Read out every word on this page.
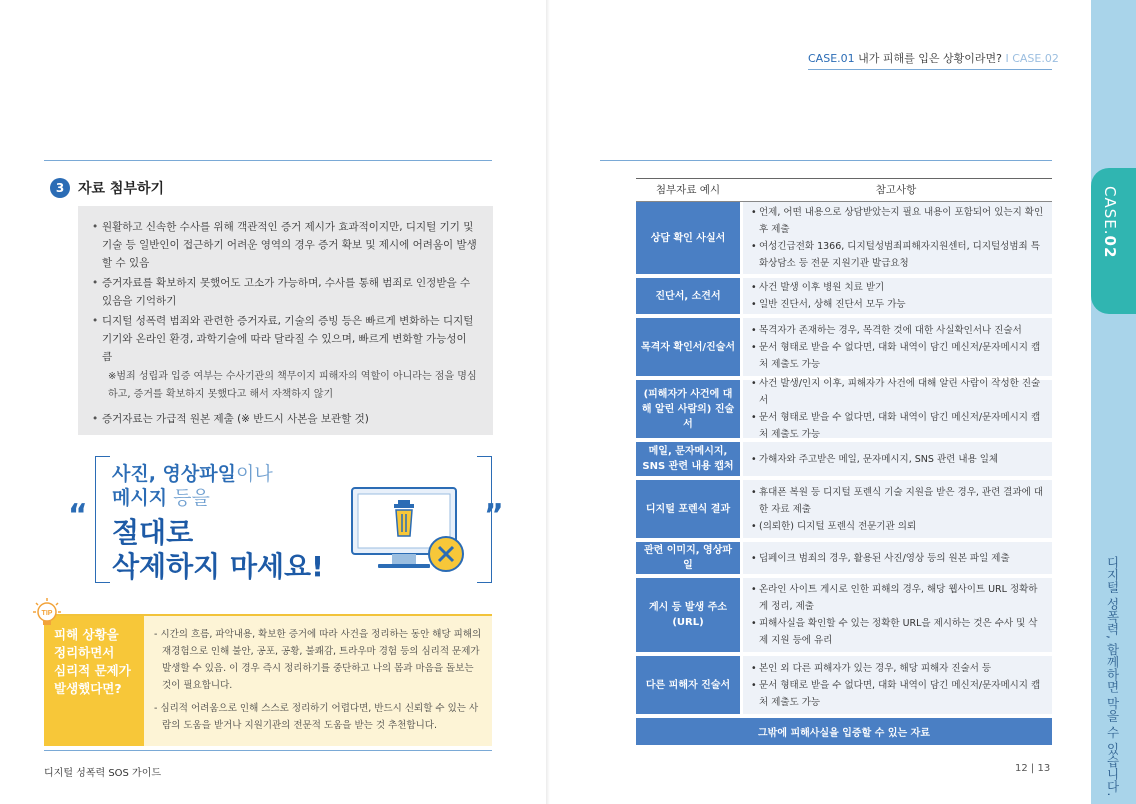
3 자료 첨부하기
• 원활하고 신속한 수사를 위해 객관적인 증거 제시가 효과적이지만, 디지털 기기 및 기술 등 일반인이 접근하기 어려운 영역의 경우 증거 확보 및 제시에 어려움이 발생할 수 있음
• 증거자료를 확보하지 못했어도 고소가 가능하며, 수사를 통해 범죄로 인정받을 수 있음을 기억하기
• 디지털 성폭력 범죄와 관련한 증거자료, 기술의 증빙 등은 빠르게 변화하는 디지털 기기와 온라인 환경, 과학기술에 따라 달라질 수 있으며, 빠르게 변화할 가능성이 큼
※범죄 성립과 입증 여부는 수사기관의 책무이지 피해자의 역할이 아니라는 점을 명심하고, 증거를 확보하지 못했다고 해서 자책하지 않기
• 증거자료는 가급적 원본 제출 (※ 반드시 사본을 보관할 것)
“	”
사진, 영상파일이나
메시지 등을
절대로
삭제하지 마세요!
피해 상황을
정리하면서
심리적 문제가
발생했다면?

- 시간의 흐름, 파악내용, 확보한 증거에 따라 사건을 정리하는 동안 해당 피해의 재경험으로 인해 불안, 공포, 공황, 불쾌감, 트라우마 경험 등의 심리적 문제가 발생할 수 있음. 이 경우 즉시 정리하기를 중단하고 나의 몸과 마음을 돌보는 것이 필요합니다.

- 심리적 어려움으로 인해 스스로 정리하기 어렵다면, 반드시 신뢰할 수 있는 사람의 도움을 받거나 지원기관의 전문적 도움을 받는 것 추천합니다.

TIP
디지털 성폭력 SOS 가이드
CASE.01 내가 피해를 입은 상황이라면? I CASE.02
첨부자료 예시	참고사항
상담 확인 사실서
• 언제, 어떤 내용으로 상담받았는지 필요 내용이 포함되어 있는지 확인 후 제출
• 여성긴급전화 1366, 디지털성범죄피해자지원센터, 디지털성범죄 특화상담소 등 전문 지원기관 발급요청
진단서, 소견서
• 사건 발생 이후 병원 치료 받기
• 일반 진단서, 상해 진단서 모두 가능
목격자 확인서/진술서
• 목격자가 존재하는 경우, 목격한 것에 대한 사실확인서나 진술서
• 문서 형태로 받을 수 없다면, 대화 내역이 담긴 메신저/문자메시지 캡처 제출도 가능
(피해자가 사건에 대해 알린 사람의) 진술서
• 사건 발생/인지 이후, 피해자가 사건에 대해 알린 사람이 작성한 진술서
• 문서 형태로 받을 수 없다면, 대화 내역이 담긴 메신저/문자메시지 캡처 제출도 가능
메일, 문자메시지, SNS 관련 내용 캡처
• 가해자와 주고받은 메일, 문자메시지, SNS 관련 내용 일체
디지털 포렌식 결과
• 휴대폰 복원 등 디지털 포렌식 기술 지원을 받은 경우, 관련 결과에 대한 자료 제출
• (의뢰한) 디지털 포렌식 전문기관 의뢰
관련 이미지, 영상파일
• 딥페이크 범죄의 경우, 활용된 사진/영상 등의 원본 파일 제출
게시 등 발생 주소 (URL)
• 온라인 사이트 게시로 인한 피해의 경우, 해당 웹사이트 URL 정확하게 정리, 제출
• 피해사실을 확인할 수 있는 정확한 URL을 제시하는 것은 수사 및 삭제 지원 등에 유리
다른 피해자 진술서
• 본인 외 다른 피해자가 있는 경우, 해당 피해자 진술서 등
• 문서 형태로 받을 수 없다면, 대화 내역이 담긴 메신저/문자메시지 캡처 제출도 가능
그밖에 피해사실을 입증할 수 있는 자료
12 | 13
CASE.02
디지털 성폭력, 함께하면 막을 수 있습니다.
